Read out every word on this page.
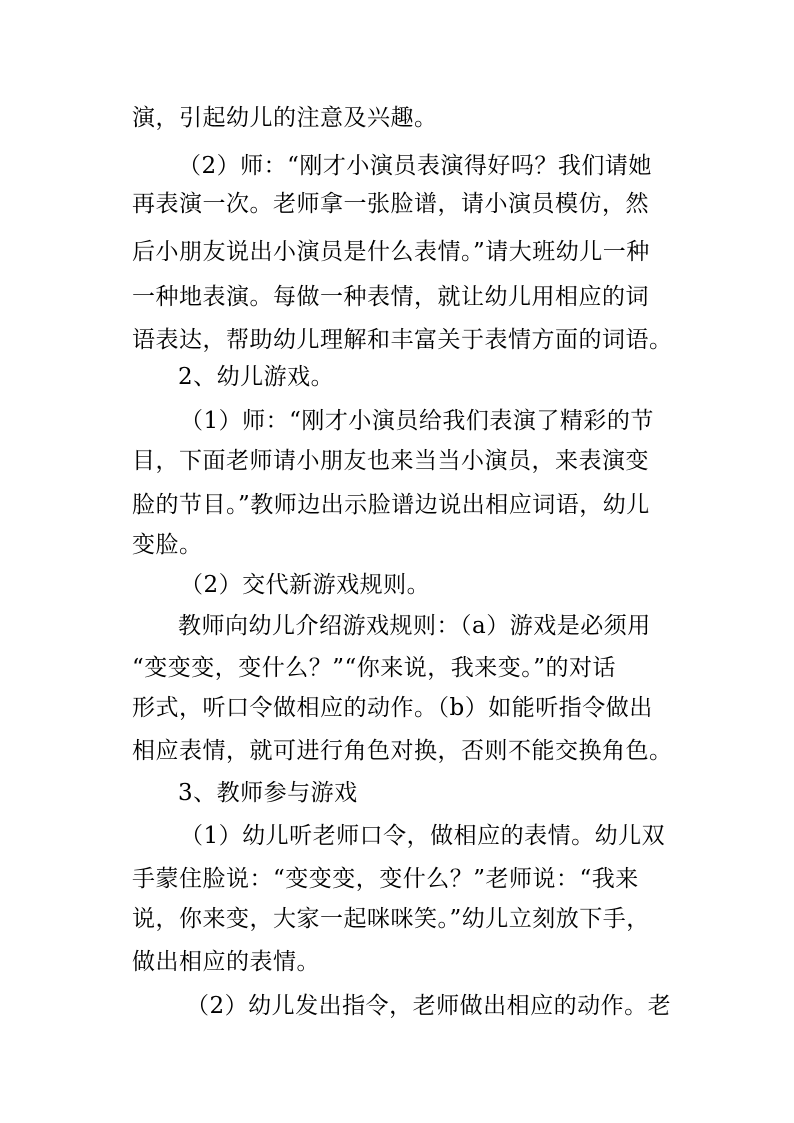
演，引起幼儿的注意及兴趣。
（2）师：“刚才小演员表演得好吗？我们请她
再表演一次。老师拿一张脸谱，请小演员模仿，然
后小朋友说出小演员是什么表情。”请大班幼儿一种
一种地表演。每做一种表情，就让幼儿用相应的词
语表达，帮助幼儿理解和丰富关于表情方面的词语。
2、幼儿游戏。
（1）师：“刚才小演员给我们表演了精彩的节
目，下面老师请小朋友也来当当小演员，来表演变
脸的节目。”教师边出示脸谱边说出相应词语，幼儿
变脸。
（2）交代新游戏规则。
教师向幼儿介绍游戏规则：（a）游戏是必须用
“变变变，变什么？”“你来说，我来变。”的对话
形式，听口令做相应的动作。（b）如能听指令做出
相应表情，就可进行角色对换，否则不能交换角色。
3、教师参与游戏
（1）幼儿听老师口令，做相应的表情。幼儿双
手蒙住脸说：“变变变，变什么？”老师说：“我来
说，你来变，大家一起咪咪笑。”幼儿立刻放下手，
做出相应的表情。
（2）幼儿发出指令，老师做出相应的动作。老
